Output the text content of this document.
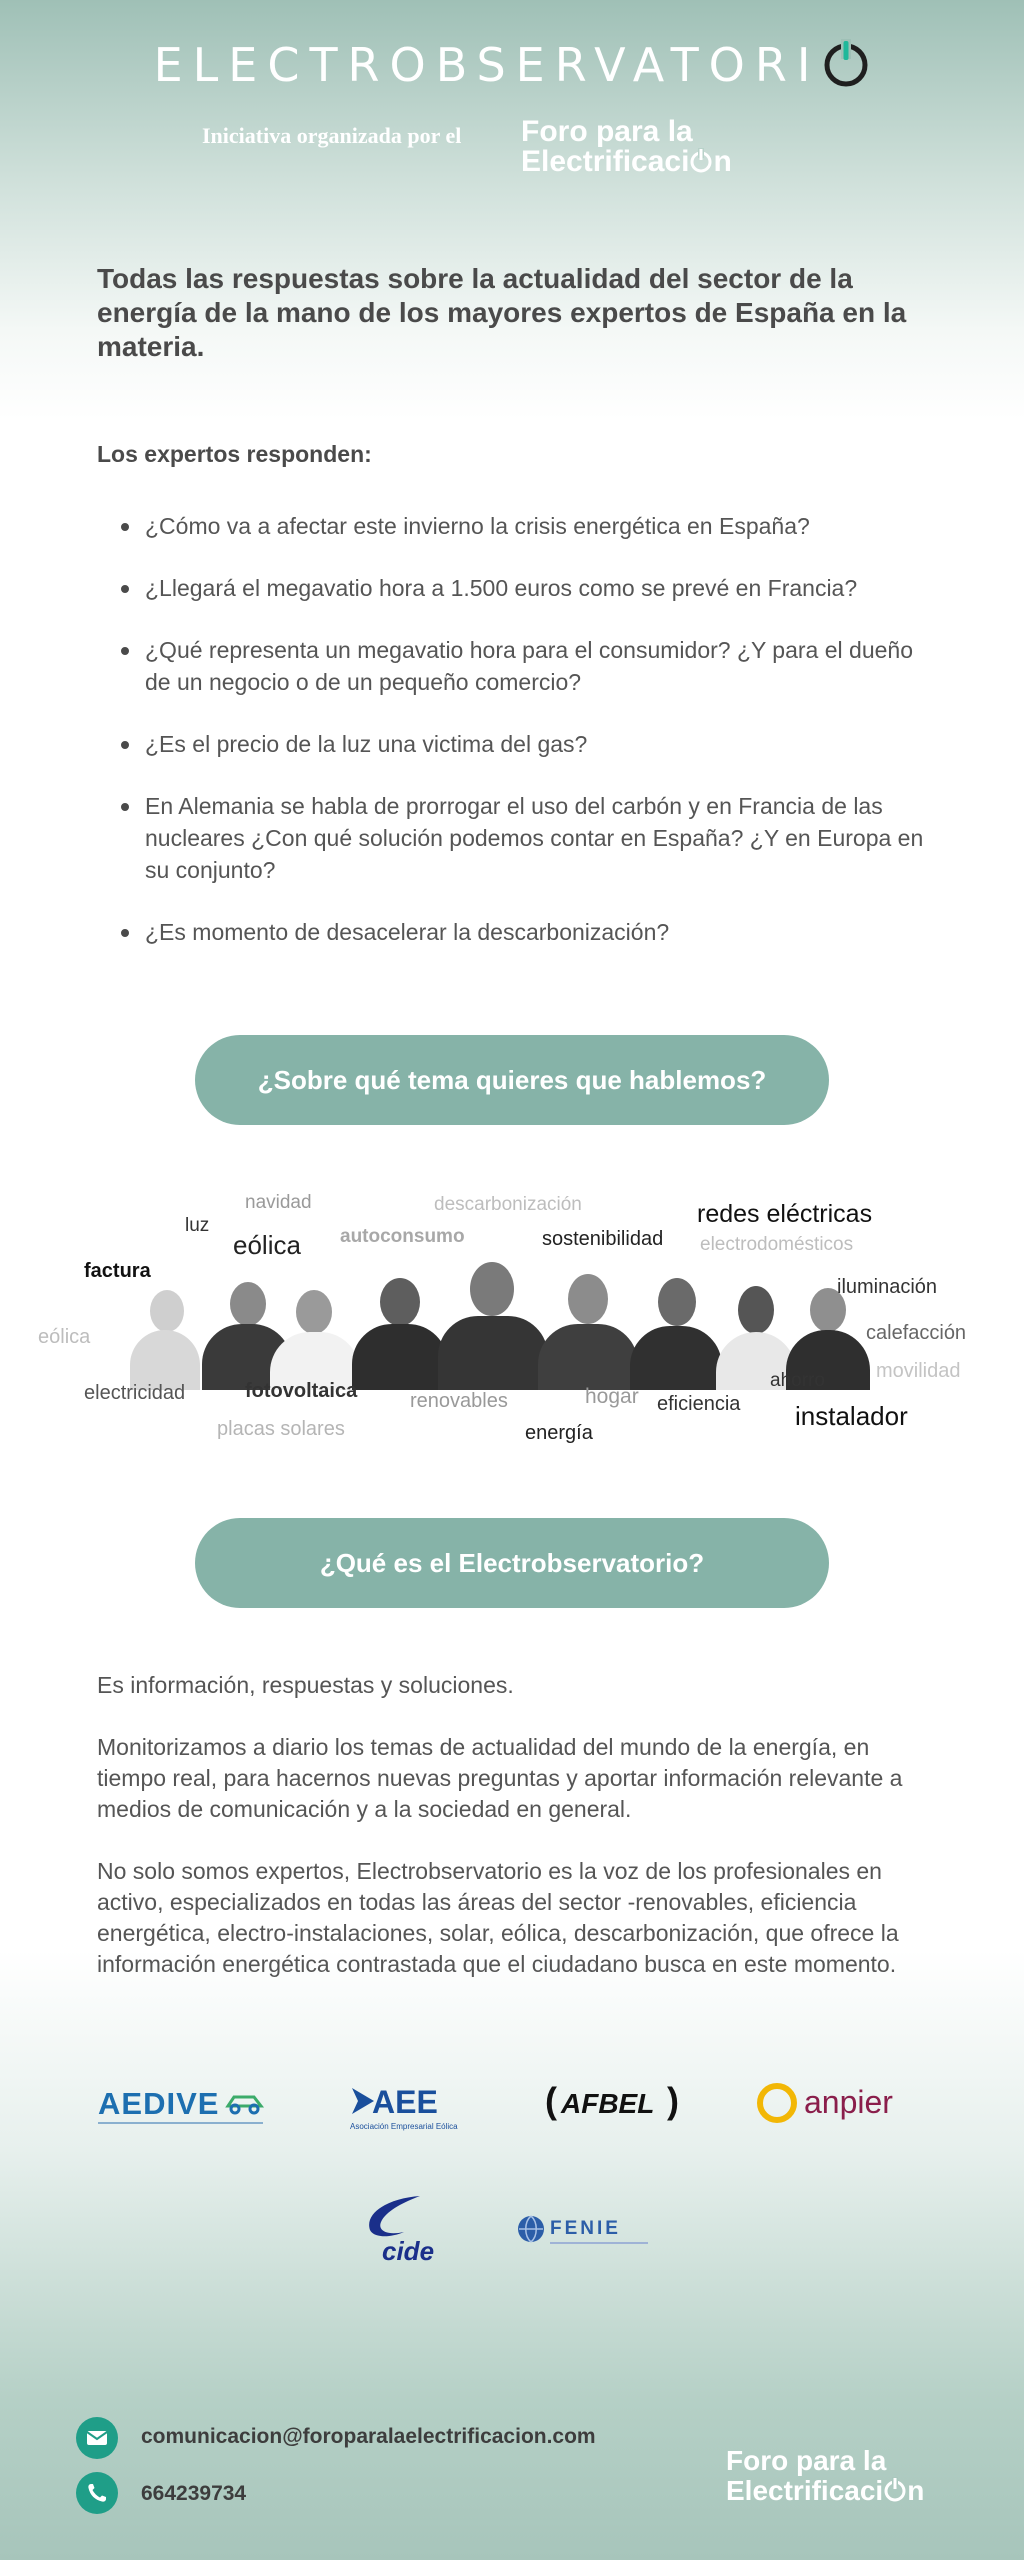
ELECTROBSERVATORI
Iniciativa organizada por el Foro para la
Electrificaci n
Todas las respuestas sobre la actualidad del sector de la energía de la mano de los mayores expertos de España en la materia.
Los expertos responden:
¿Cómo va a afectar este invierno la crisis energética en España?
¿Llegará el megavatio hora a 1.500 euros como se prevé en Francia?
¿Qué representa un megavatio hora para el consumidor? ¿Y para el dueño de un negocio o de un pequeño comercio?
¿Es el precio de la luz una victima del gas?
En Alemania se habla de prorrogar el uso del carbón y en Francia de las nucleares ¿Con qué solución podemos contar en España? ¿Y en Europa en su conjunto?
¿Es momento de desacelerar la descarbonización?
¿Sobre qué tema quieres que hablemos?
navidad	descarbonización
luz
eólica autoconsumo	sostenibilidad
redes eléctricas
electrodomésticos
factura
iluminación
eólica	calefacción
movilidad
ahorro
electricidad	fotovoltaica	renovables	hogar eficiencia instalador
placas solares	energía
¿Qué es el Electrobservatorio?

Es información, respuestas y soluciones.

Monitorizamos a diario los temas de actualidad del mundo de la energía, en tiempo real, para hacernos nuevas preguntas y aportar información relevante a medios de comunicación y a la sociedad en general.

No solo somos expertos, Electrobservatorio es la voz de los profesionales en activo, especializados en todas las áreas del sector -renovables, eficiencia energética, electro-instalaciones, solar, eólica, descarbonización, que ofrece la información energética contrastada que el ciudadano busca en este momento.

AEDIVE	AEE
Asociación Empresarial Eólica
( AFBEL )	anpier
cide
FENIE
comunicacion@foroparalaelectrificacion.com
664239734
Foro para la
Electrificaci n
